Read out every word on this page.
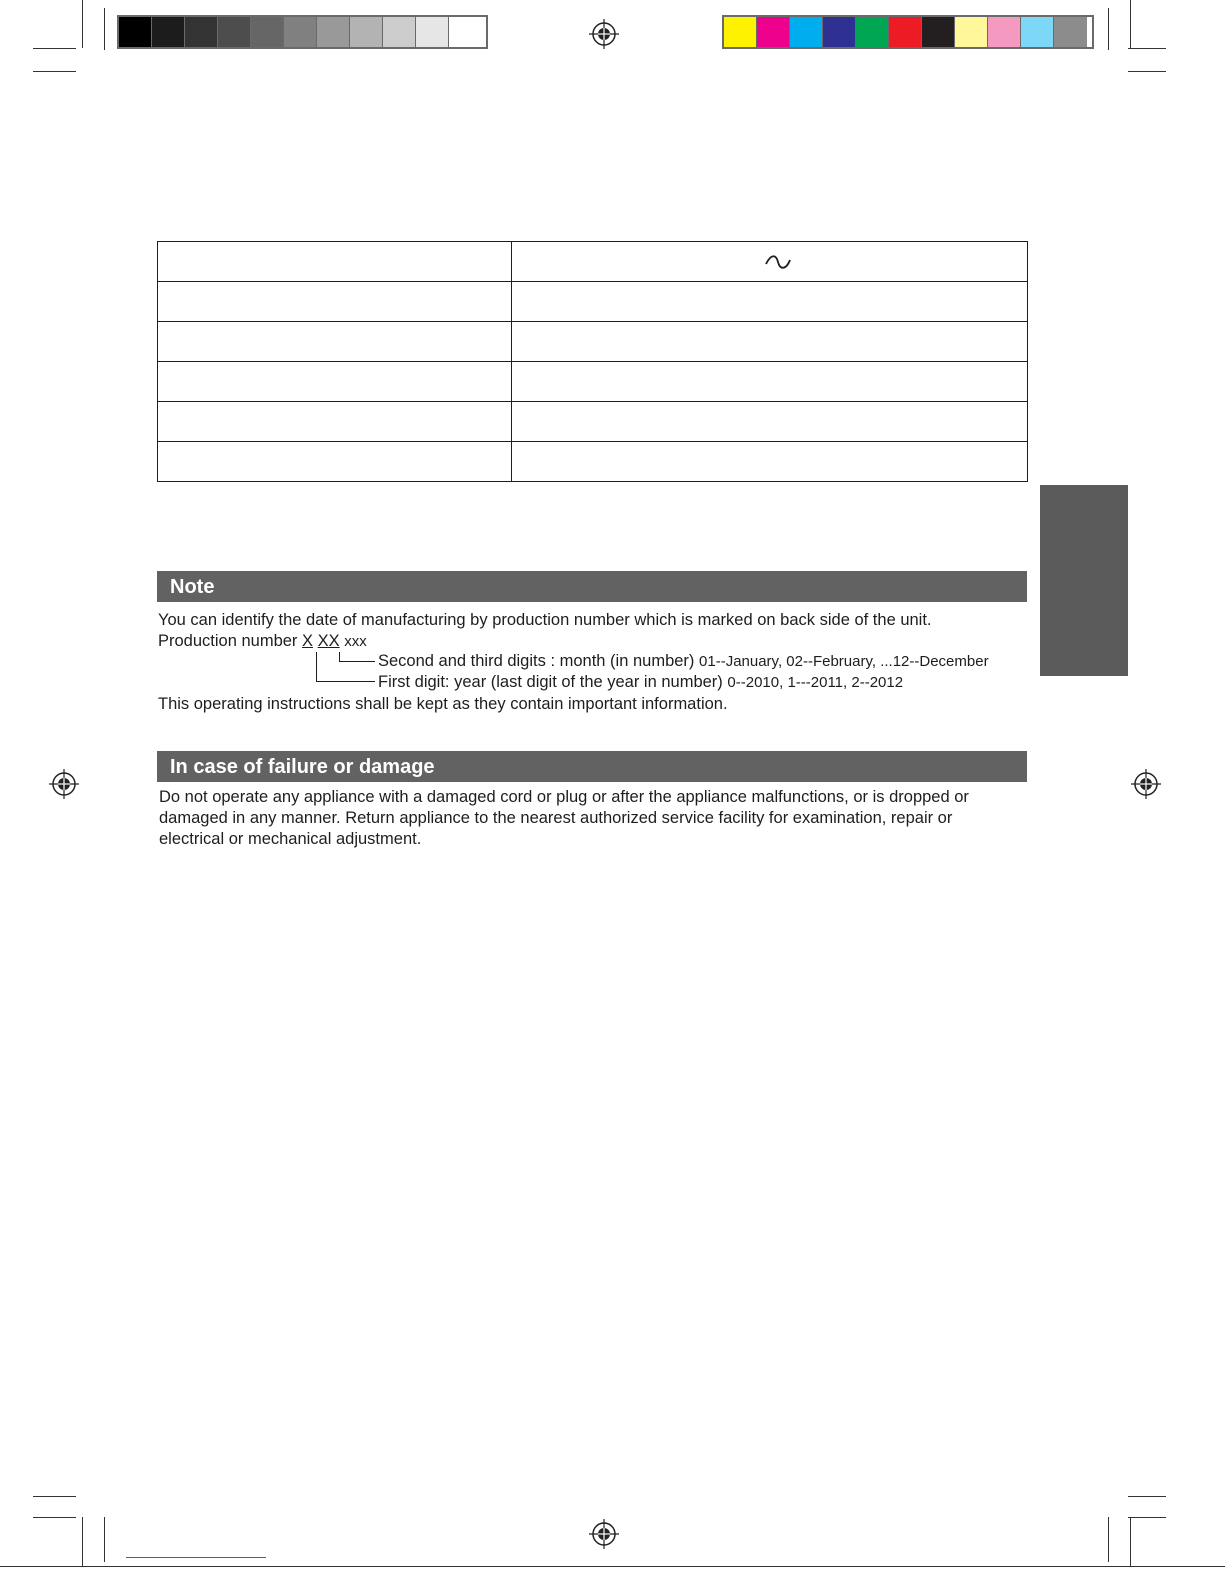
Note
You can identify the date of manufacturing by production number which is marked on back side of the unit.
Production number X XX xxx
Second and third digits : month (in number) 01--January, 02--February, ...12--December
First digit: year (last digit of the year in number) 0--2010, 1---2011, 2--2012
This operating instructions shall be kept as they contain important information.
In case of failure or damage
Do not operate any appliance with a damaged cord or plug or after the appliance malfunctions, or is dropped or
damaged in any manner. Return appliance to the nearest authorized service facility for examination, repair or
electrical or mechanical adjustment.
